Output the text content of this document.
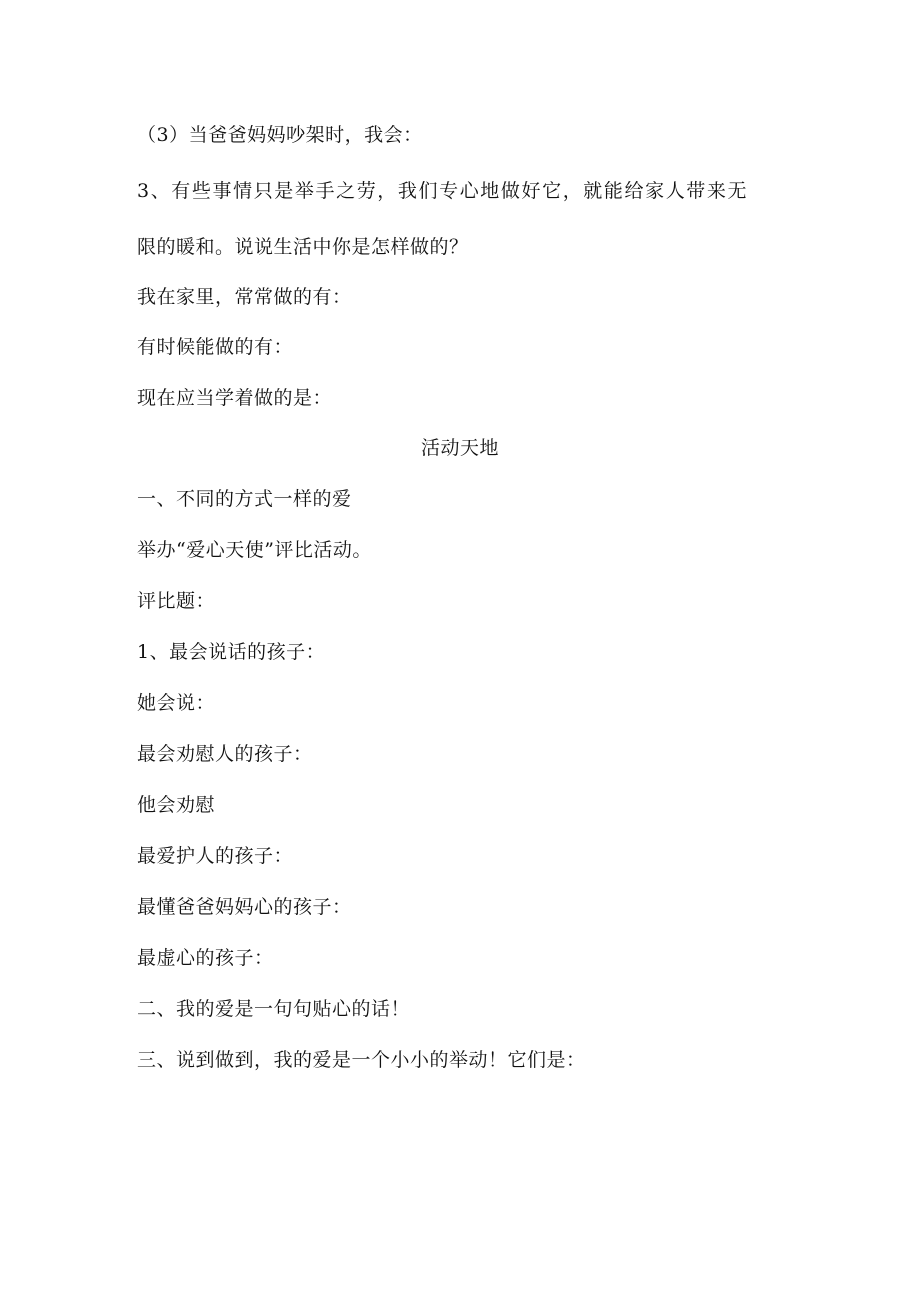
（3）当爸爸妈妈吵架时，我会：
3、有些事情只是举手之劳，我们专心地做好它，就能给家人带来无
限的暖和。说说生活中你是怎样做的？
我在家里，常常做的有：
有时候能做的有：
现在应当学着做的是：
活动天地
一、不同的方式一样的爱
举办“爱心天使”评比活动。
评比题：
1、最会说话的孩子：
她会说：
最会劝慰人的孩子：
他会劝慰
最爱护人的孩子：
最懂爸爸妈妈心的孩子：
最虚心的孩子：
二、我的爱是一句句贴心的话！
三、说到做到，我的爱是一个小小的举动！它们是：
